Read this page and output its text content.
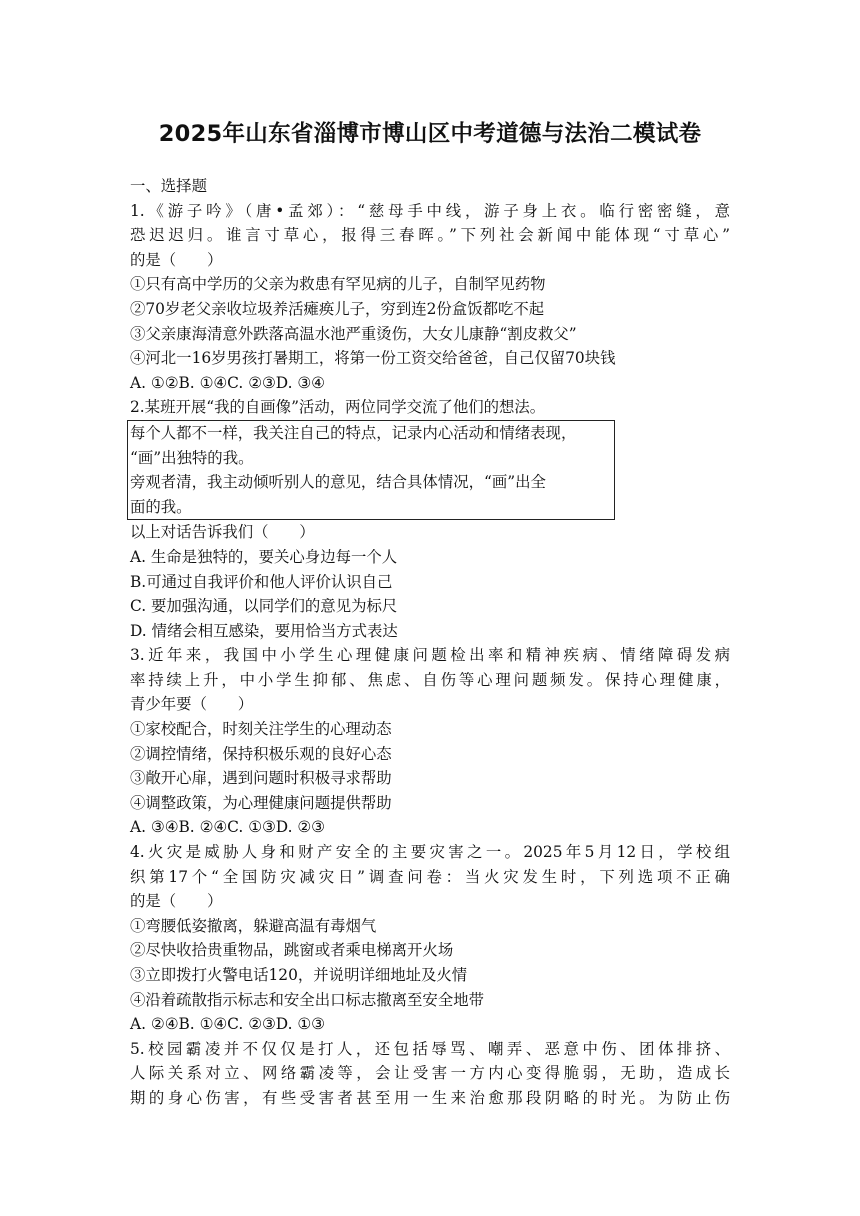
2025年山东省淄博市博山区中考道德与法治二模试卷
一、选择题
1.《游子吟》（唐•孟郊）：“慈母手中线，游子身上衣。临行密密缝，意
恐迟迟归。谁言寸草心，报得三春晖。”下列社会新闻中能体现“寸草心”
的是（　　）
①只有高中学历的父亲为救患有罕见病的儿子，自制罕见药物
②70岁老父亲收垃圾养活瘫痪儿子，穷到连2份盒饭都吃不起
③父亲康海清意外跌落高温水池严重烫伤，大女儿康静“割皮救父”
④河北一16岁男孩打暑期工，将第一份工资交给爸爸，自己仅留70块钱
A. ①②B. ①④C. ②③D. ③④
2.某班开展“我的自画像”活动，两位同学交流了他们的想法。
每个人都不一样，我关注自己的特点，记录内心活动和情绪表现，
“画”出独特的我。
旁观者清，我主动倾听别人的意见，结合具体情况，“画”出全
面的我。
以上对话告诉我们（　　）
A. 生命是独特的，要关心身边每一个人
B.可通过自我评价和他人评价认识自己
C. 要加强沟通，以同学们的意见为标尺
D. 情绪会相互感染，要用恰当方式表达
3.近年来，我国中小学生心理健康问题检出率和精神疾病、情绪障碍发病
率持续上升，中小学生抑郁、焦虑、自伤等心理问题频发。保持心理健康，
青少年要（　　）
①家校配合，时刻关注学生的心理动态
②调控情绪，保持积极乐观的良好心态
③敞开心扉，遇到问题时积极寻求帮助
④调整政策，为心理健康问题提供帮助
A. ③④B. ②④C. ①③D. ②③
4.火灾是威胁人身和财产安全的主要灾害之一。2025年5月12日，学校组
织第17个“全国防灾减灾日”调查问卷：当火灾发生时，下列选项不正确
的是（　　）
①弯腰低姿撤离，躲避高温有毒烟气
②尽快收拾贵重物品，跳窗或者乘电梯离开火场
③立即拨打火警电话120，并说明详细地址及火情
④沿着疏散指示标志和安全出口标志撤离至安全地带
A. ②④B. ①④C. ②③D. ①③
5.校园霸凌并不仅仅是打人，还包括辱骂、嘲弄、恶意中伤、团体排挤、
人际关系对立、网络霸凌等，会让受害一方内心变得脆弱，无助，造成长
期的身心伤害，有些受害者甚至用一生来治愈那段阴略的时光。为防止伤
